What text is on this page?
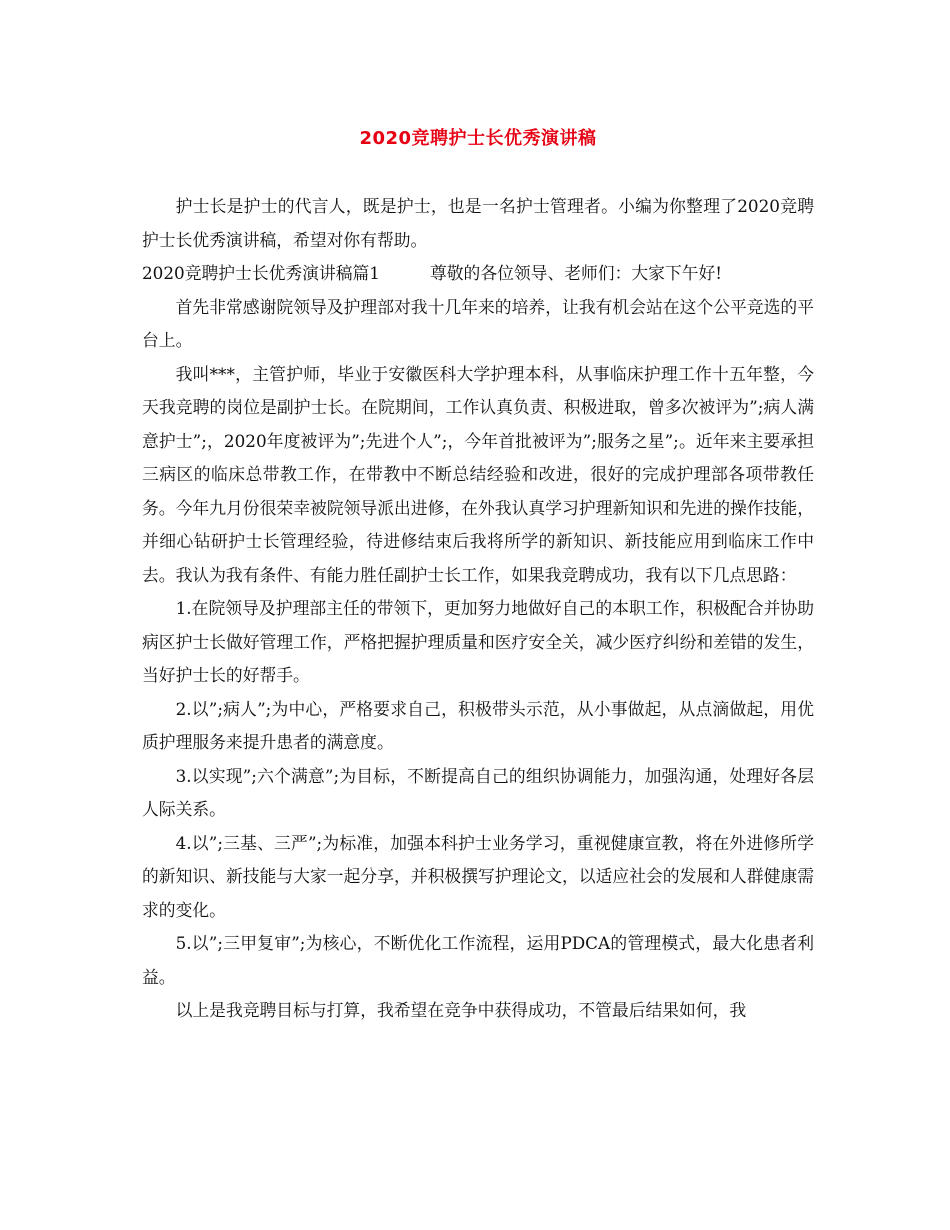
2020竞聘护士长优秀演讲稿

护士长是护士的代言人，既是护士，也是一名护士管理者。小编为你整理了2020竞聘护士长优秀演讲稿，希望对你有帮助。

2020竞聘护士长优秀演讲稿篇1	尊敬的各位领导、老师们：大家下午好!

首先非常感谢院领导及护理部对我十几年来的培养，让我有机会站在这个公平竞选的平台上。

我叫***，主管护师，毕业于安徽医科大学护理本科，从事临床护理工作十五年整，今天我竞聘的岗位是副护士长。在院期间，工作认真负责、积极进取，曾多次被评为”;病人满意护士”;，2020年度被评为”;先进个人”;，今年首批被评为”;服务之星”;。近年来主要承担三病区的临床总带教工作，在带教中不断总结经验和改进，很好的完成护理部各项带教任务。今年九月份很荣幸被院领导派出进修，在外我认真学习护理新知识和先进的操作技能，并细心钻研护士长管理经验，待进修结束后我将所学的新知识、新技能应用到临床工作中去。我认为我有条件、有能力胜任副护士长工作，如果我竞聘成功，我有以下几点思路：

1.在院领导及护理部主任的带领下，更加努力地做好自己的本职工作，积极配合并协助病区护士长做好管理工作，严格把握护理质量和医疗安全关，减少医疗纠纷和差错的发生，当好护士长的好帮手。

2.以”;病人”;为中心，严格要求自己，积极带头示范，从小事做起，从点滴做起，用优质护理服务来提升患者的满意度。

3.以实现”;六个满意”;为目标，不断提高自己的组织协调能力，加强沟通，处理好各层人际关系。

4.以”;三基、三严”;为标准，加强本科护士业务学习，重视健康宣教，将在外进修所学的新知识、新技能与大家一起分享，并积极撰写护理论文，以适应社会的发展和人群健康需求的变化。

5.以”;三甲复审”;为核心，不断优化工作流程，运用PDCA的管理模式，最大化患者利益。

以上是我竞聘目标与打算，我希望在竞争中获得成功，不管最后结果如何，我
